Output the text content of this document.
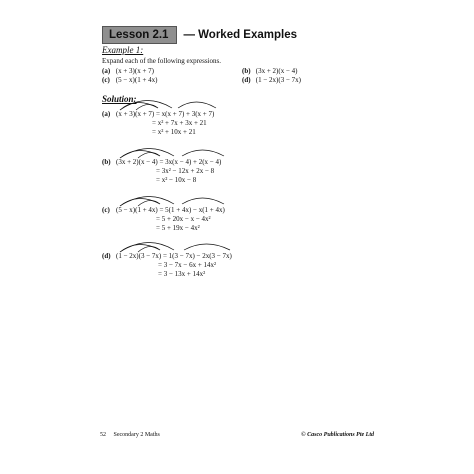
Lesson 2.1	— Worked Examples
Example 1:
Expand each of the following expressions.
(a) (x + 3)(x + 7)	(b) (3x + 2)(x − 4)
(c) (5 − x)(1 + 4x)	(d) (1 − 2x)(3 − 7x)
Solution:
(a) (x + 3)(x + 7) = x(x + 7) + 3(x + 7)
= x² + 7x + 3x + 21
= x² + 10x + 21
(b) (3x + 2)(x − 4) = 3x(x − 4) + 2(x − 4)
= 3x² − 12x + 2x − 8
= x² − 10x − 8
(c) (5 − x)(1 + 4x) = 5(1 + 4x) − x(1 + 4x)
= 5 + 20x − x − 4x²
= 5 + 19x − 4x²
(d) (1 − 2x)(3 − 7x) = 1(3 − 7x) − 2x(3 − 7x)
= 3 − 7x − 6x + 14x²
= 3 − 13x + 14x²
52 Secondary 2 Maths	© Casco Publications Pte Ltd
